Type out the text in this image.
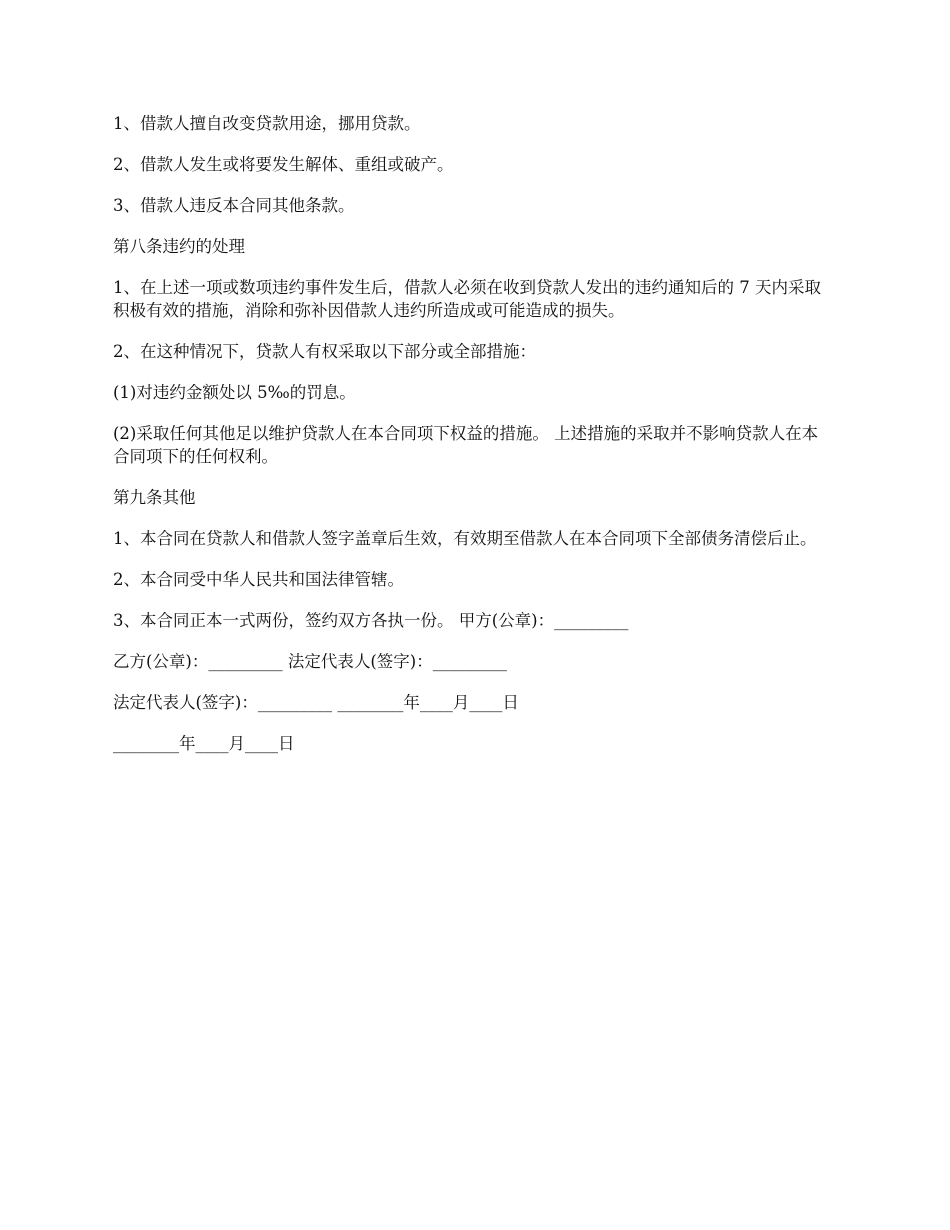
1、借款人擅自改变贷款用途，挪用贷款。

2、借款人发生或将要发生解体、重组或破产。

3、借款人违反本合同其他条款。

第八条违约的处理

1、在上述一项或数项违约事件发生后，借款人必须在收到贷款人发出的违约通知后的 7 天内采取积极有效的措施，消除和弥补因借款人违约所造成或可能造成的损失。

2、在这种情况下，贷款人有权采取以下部分或全部措施：

(1)对违约金额处以 5‰的罚息。

(2)采取任何其他足以维护贷款人在本合同项下权益的措施。 上述措施的采取并不影响贷款人在本合同项下的任何权利。

第九条其他

1、本合同在贷款人和借款人签字盖章后生效，有效期至借款人在本合同项下全部债务清偿后止。

2、本合同受中华人民共和国法律管辖。

3、本合同正本一式两份，签约双方各执一份。 甲方(公章)：_________

乙方(公章)：_________ 法定代表人(签字)：_________

法定代表人(签字)：_________ ________年____月____日

________年____月____日
